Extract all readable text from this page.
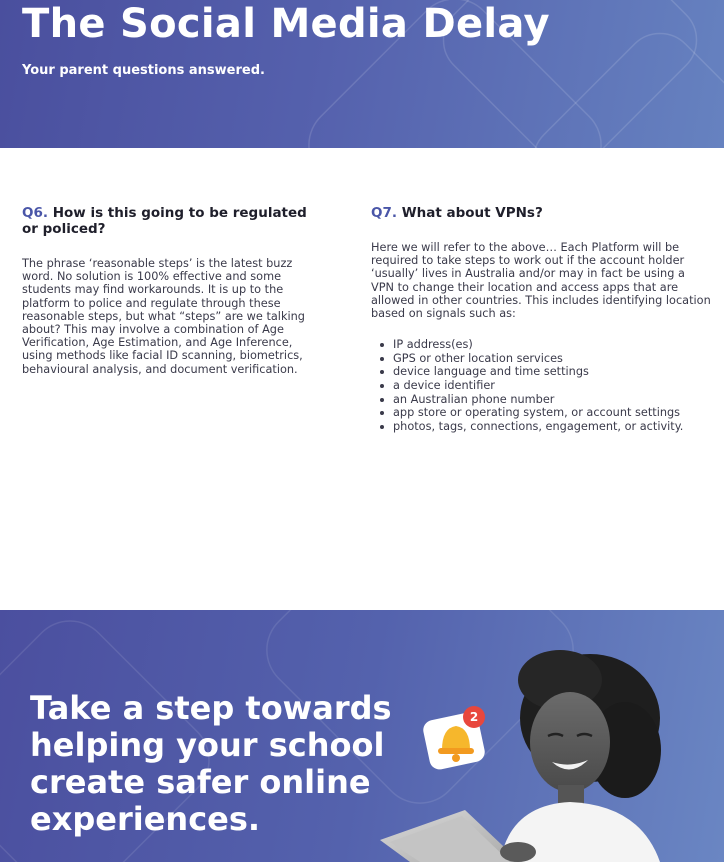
The Social Media Delay
Your parent questions answered.
Q6. How is this going to be regulated or policed?

The phrase ‘reasonable steps’ is the latest buzz word. No solution is 100% effective and some students may find workarounds. It is up to the platform to police and regulate through these reasonable steps, but what “steps” are we talking about? This may involve a combination of Age Verification, Age Estimation, and Age Inference, using methods like facial ID scanning, biometrics, behavioural analysis, and document verification.

Q7. What about VPNs?

Here we will refer to the above… Each Platform will be required to take steps to work out if the account holder ‘usually’ lives in Australia and/or may in fact be using a VPN to change their location and access apps that are allowed in other countries. This includes identifying location based on signals such as:

IP address(es)
GPS or other location services
device language and time settings
a device identifier
an Australian phone number
app store or operating system, or account settings
photos, tags, connections, engagement, or activity.
Take a step towards helping your school create safer online experiences.
2
